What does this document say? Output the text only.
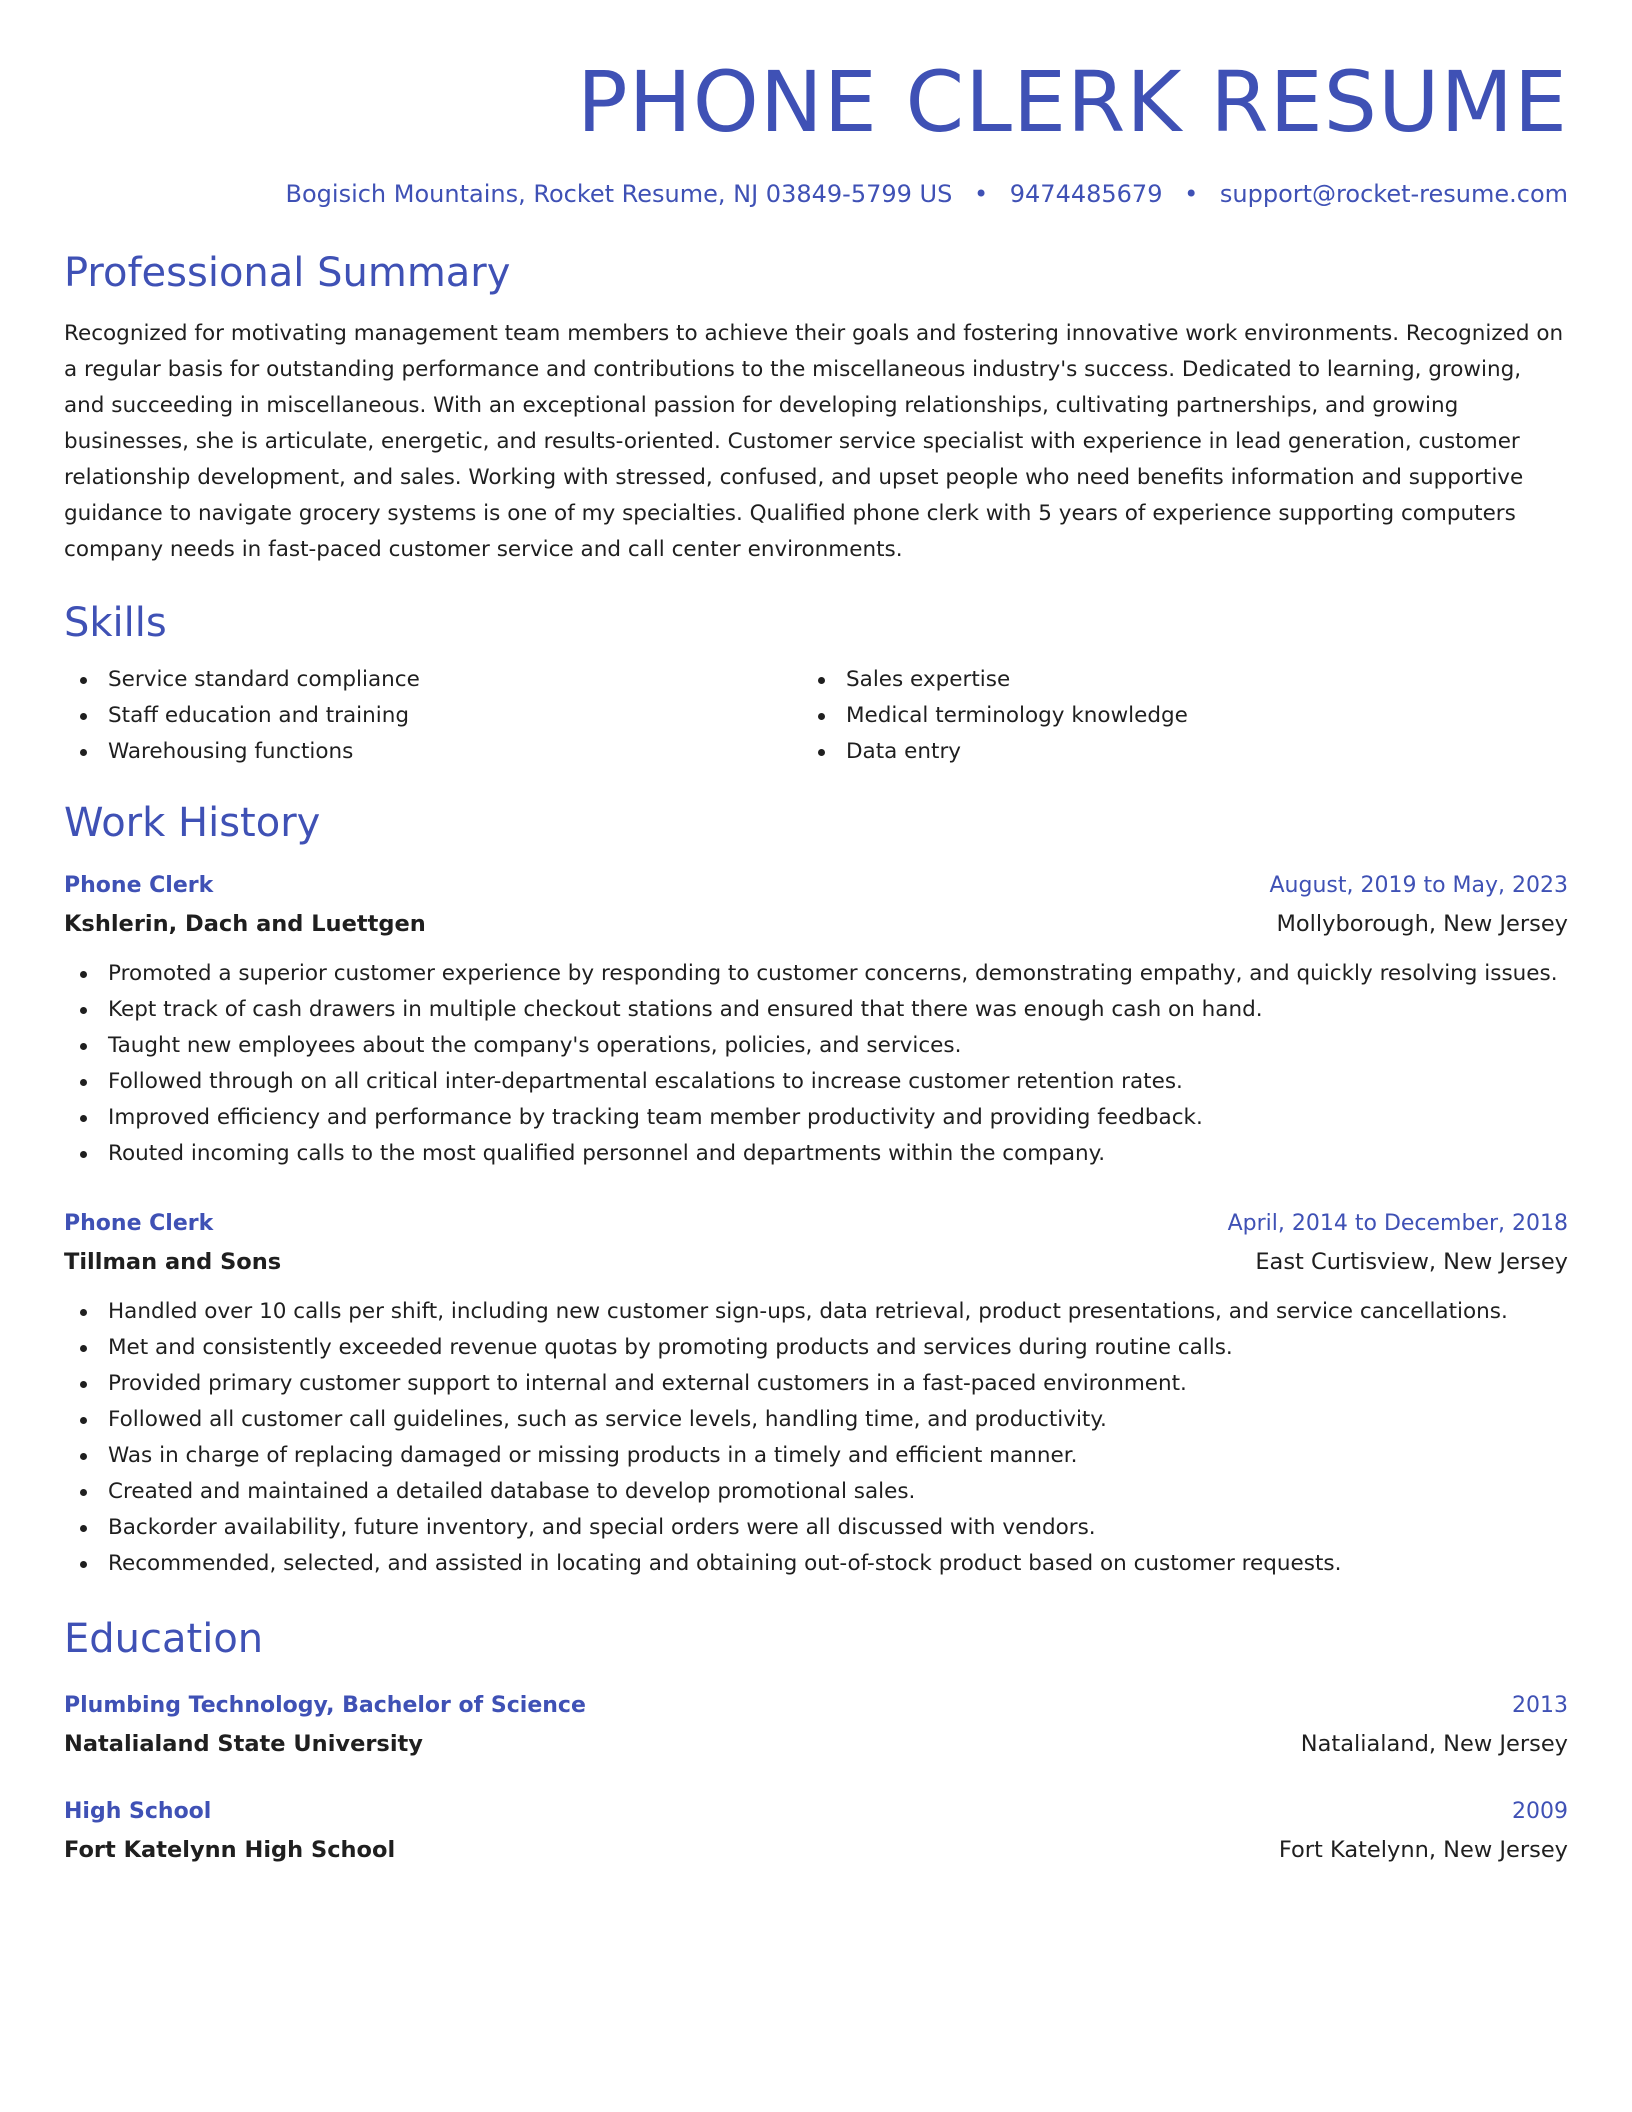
PHONE CLERK RESUME
Bogisich Mountains, Rocket Resume, NJ 03849-5799 US • 9474485679 • support@rocket-resume.com
Professional Summary

Recognized for motivating management team members to achieve their goals and fostering innovative work environments. Recognized on a regular basis for outstanding performance and contributions to the miscellaneous industry's success. Dedicated to learning, growing, and succeeding in miscellaneous. With an exceptional passion for developing relationships, cultivating partnerships, and growing businesses, she is articulate, energetic, and results-oriented. Customer service specialist with experience in lead generation, customer relationship development, and sales. Working with stressed, confused, and upset people who need benefits information and supportive guidance to navigate grocery systems is one of my specialties. Qualified phone clerk with 5 years of experience supporting computers company needs in fast-paced customer service and call center environments.

Skills
Service standard compliance
Staff education and training
Warehousing functions
Sales expertise
Medical terminology knowledge
Data entry
Work History
Phone Clerk	August, 2019 to May, 2023
Kshlerin, Dach and Luettgen	Mollyborough, New Jersey
Promoted a superior customer experience by responding to customer concerns, demonstrating empathy, and quickly resolving issues.
Kept track of cash drawers in multiple checkout stations and ensured that there was enough cash on hand.
Taught new employees about the company's operations, policies, and services.
Followed through on all critical inter-departmental escalations to increase customer retention rates.
Improved efficiency and performance by tracking team member productivity and providing feedback.
Routed incoming calls to the most qualified personnel and departments within the company.
Phone Clerk	April, 2014 to December, 2018
Tillman and Sons	East Curtisview, New Jersey
Handled over 10 calls per shift, including new customer sign-ups, data retrieval, product presentations, and service cancellations.
Met and consistently exceeded revenue quotas by promoting products and services during routine calls.
Provided primary customer support to internal and external customers in a fast-paced environment.
Followed all customer call guidelines, such as service levels, handling time, and productivity.
Was in charge of replacing damaged or missing products in a timely and efficient manner.
Created and maintained a detailed database to develop promotional sales.
Backorder availability, future inventory, and special orders were all discussed with vendors.
Recommended, selected, and assisted in locating and obtaining out-of-stock product based on customer requests.
Education
Plumbing Technology, Bachelor of Science	2013
Natalialand State University	Natalialand, New Jersey
High School	2009
Fort Katelynn High School	Fort Katelynn, New Jersey
